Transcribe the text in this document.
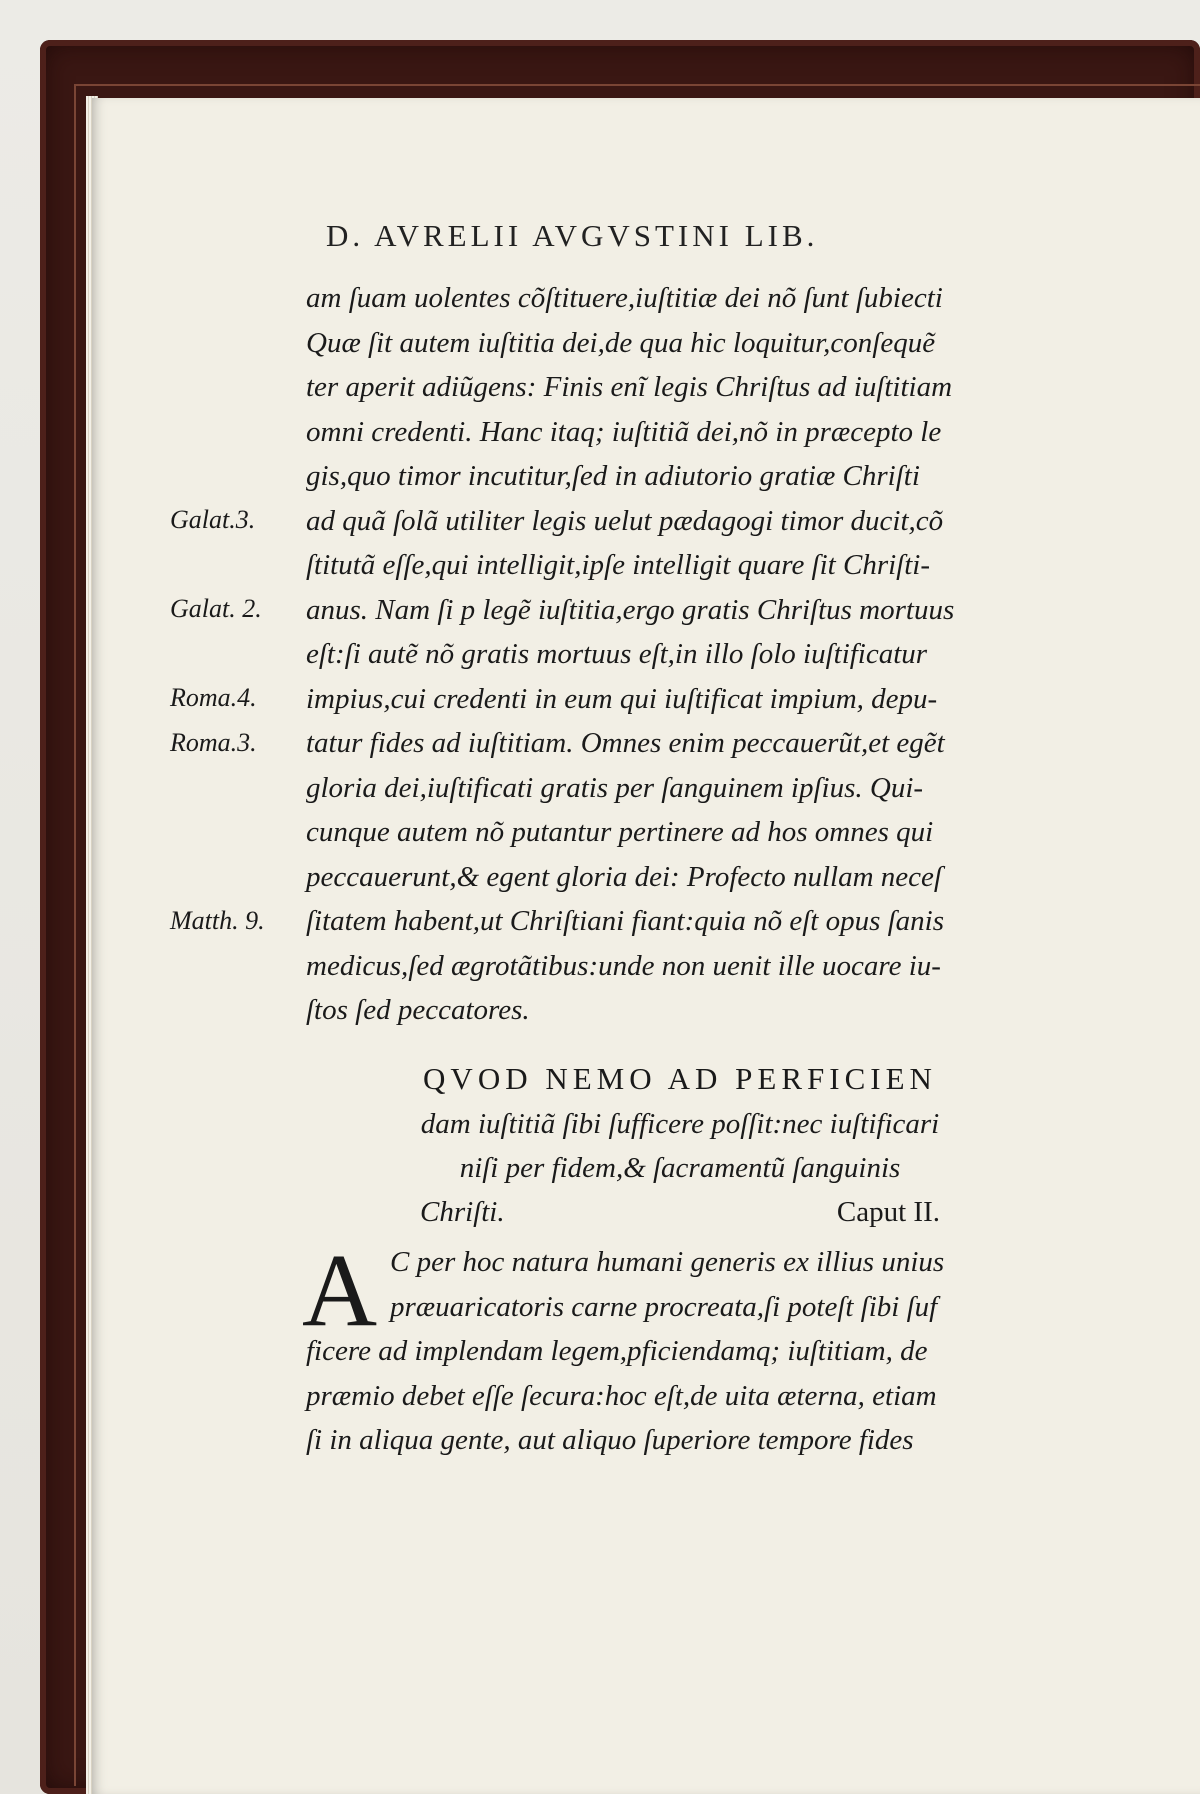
D. AVRELII AVGVSTINI LIB.
am ſuam uolentes cõſtituere,iuſtitiæ dei nõ ſunt ſubiecti
Quæ ſit autem iuſtitia dei,de qua hic loquitur,conſequẽ
ter aperit adiũgens: Finis enĩ legis Chriſtus ad iuſtitiam
omni credenti. Hanc itaq; iuſtitiã dei,nõ in præcepto le
gis,quo timor incutitur,ſed in adiutorio gratiæ Chriſti
ad quã ſolã utiliter legis uelut pædagogi timor ducit,cõ
ſtitutã eſſe,qui intelligit,ipſe intelligit quare ſit Chriſti-
anus. Nam ſi p legẽ iuſtitia,ergo gratis Chriſtus mortuus
eſt:ſi autẽ nõ gratis mortuus eſt,in illo ſolo iuſtificatur
impius,cui credenti in eum qui iuſtificat impium, depu-
tatur fides ad iuſtitiam. Omnes enim peccauerũt,et egẽt
gloria dei,iuſtificati gratis per ſanguinem ipſius. Qui-
cunque autem nõ putantur pertinere ad hos omnes qui
peccauerunt,& egent gloria dei: Profecto nullam neceſ
ſitatem habent,ut Chriſtiani fiant:quia nõ eſt opus ſanis
medicus,ſed ægrotãtibus:unde non uenit ille uocare iu-
ſtos ſed peccatores.
Galat.3.
Galat. 2.
Roma.4.
Roma.3.
Matth. 9.
QVOD NEMO AD PERFICIEN
dam iuſtitiã ſibi ſufficere poſſit:nec iuſtificari
niſi per fidem,& ſacramentũ ſanguinis
Chriſti.	Caput II.
A C per hoc natura humani generis ex illius unius
præuaricatoris carne procreata,ſi poteſt ſibi ſuf
ficere ad implendam legem,pficiendamq; iuſtitiam, de
præmio debet eſſe ſecura:hoc eſt,de uita æterna, etiam
ſi in aliqua gente, aut aliquo ſuperiore tempore fides
